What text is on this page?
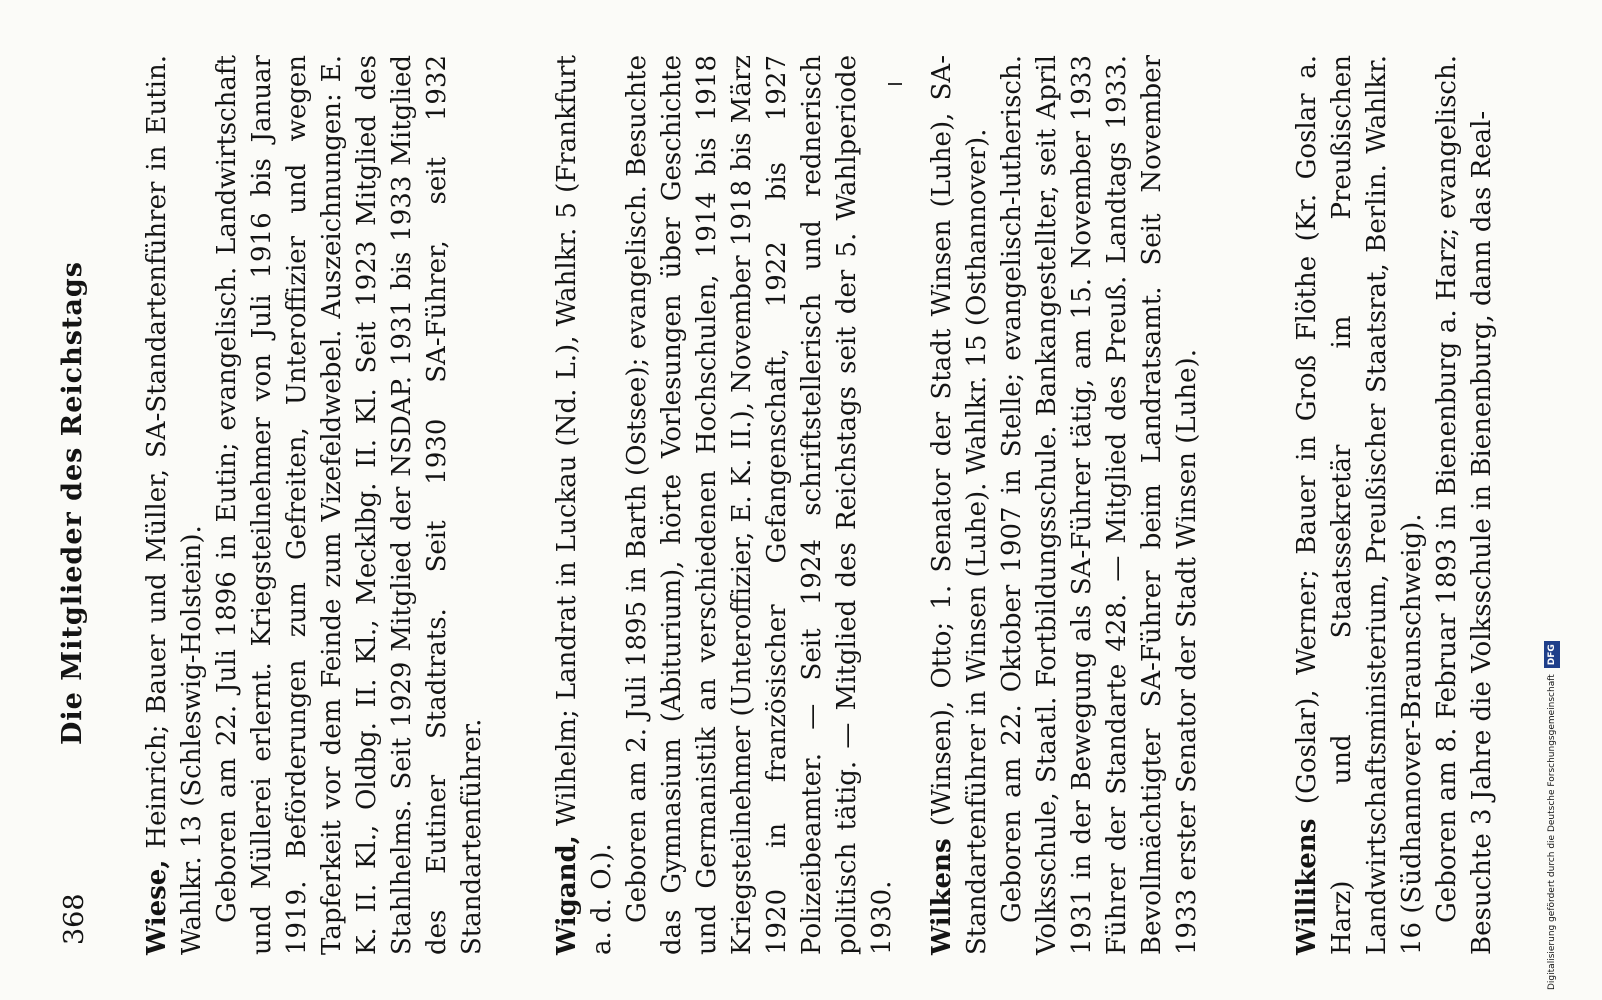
368
Die Mitglieder des Reichstags

Wiese, Heinrich; Bauer und Müller, SA-Standartenführer in Eutin. Wahlkr. 13 (Schleswig-Holstein). Geboren am 22. Juli 1896 in Eutin; evangelisch. Landwirtschaft und Müllerei erlernt. Kriegsteilnehmer von Juli 1916 bis Januar 1919. Beförderungen zum Gefreiten, Unteroffizier und wegen Tapferkeit vor dem Feinde zum Vizefeldwebel. Auszeichnungen: E. K. II. Kl., Oldbg. II. Kl., Mecklbg. II. Kl. Seit 1923 Mitglied des Stahlhelms. Seit 1929 Mitglied der NSDAP. 1931 bis 1933 Mitglied des Eutiner Stadtrats. Seit 1930 SA-Führer, seit 1932 Standartenführer.	Wigand, Wilhelm; Landrat in Luckau (Nd. L.), Wahlkr. 5 (Frankfurt a. d. O.). Geboren am 2. Juli 1895 in Barth (Ostsee); evangelisch. Besuchte das Gymnasium (Abiturium), hörte Vorlesungen über Geschichte und Germanistik an verschiedenen Hochschulen, 1914 bis 1918 Kriegsteilnehmer (Unteroffizier, E. K. II.), November 1918 bis März 1920 in französischer Gefangenschaft, 1922 bis 1927 Polizeibeamter. — Seit 1924 schriftstellerisch und rednerisch politisch tätig. — Mitglied des Reichstags seit der 5. Wahlperiode 1930. Wilkens (Winsen), Otto; 1. Senator der Stadt Winsen (Luhe), SA-Standartenführer in Winsen (Luhe). Wahlkr. 15 (Osthannover). Geboren am 22. Oktober 1907 in Stelle; evangelisch-lutherisch. Volksschule, Staatl. Fortbildungsschule. Bankangestellter, seit April 1931 in der Bewegung als SA-Führer tätig, am 15. November 1933 Führer der Standarte 428. — Mitglied des Preuß. Landtags 1933. Bevollmächtigter SA-Führer beim Landratsamt. Seit November 1933 erster Senator der Stadt Winsen (Luhe).	Willikens (Goslar), Werner; Bauer in Groß Flöthe (Kr. Goslar a. Harz) und Staatssekretär im Preußischen Landwirtschaftsministerium, Preußischer Staatsrat, Berlin. Wahlkr. 16 (Südhannover-Braunschweig). Geboren am 8. Februar 1893 in Bienenburg a. Harz; evangelisch. Besuchte 3 Jahre die Volksschule in Bienenburg, dann das Real-	Digitalisierung gefördert durch die Deutsche ForschungsgemeinschaftDFG
